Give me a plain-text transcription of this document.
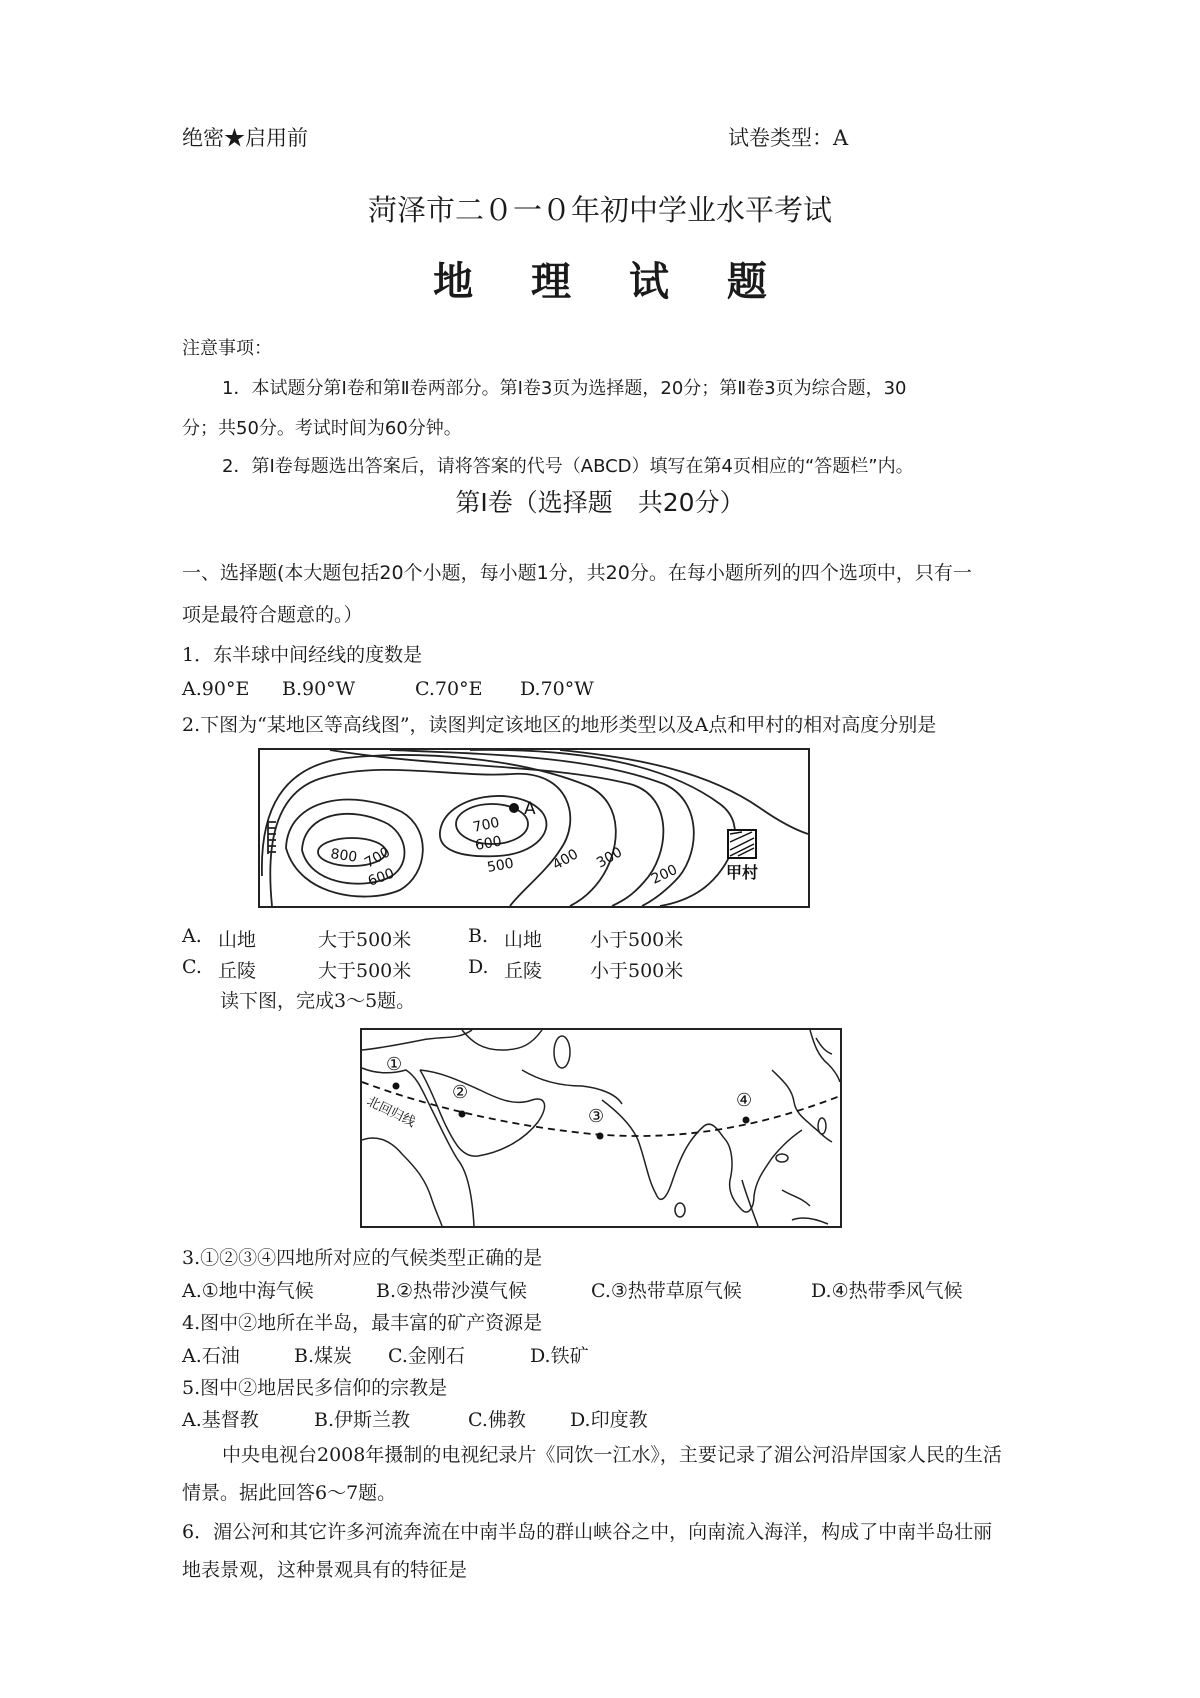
绝密★启用前	试卷类型：A
菏泽市二０一０年初中学业水平考试
地 理 试 题
注意事项：
1．本试题分第Ⅰ卷和第Ⅱ卷两部分。第Ⅰ卷3页为选择题，20分；第Ⅱ卷3页为综合题，30
分；共50分。考试时间为60分钟。
2．第Ⅰ卷每题选出答案后，请将答案的代号（ABCD）填写在第4页相应的“答题栏”内。
第Ⅰ卷（选择题　共20分）
一、选择题(本大题包括20个小题，每小题1分，共20分。在每小题所列的四个选项中，只有一
项是最符合题意的。）
1．东半球中间经线的度数是
A.90°E B.90°W	C.70°E D.70°W
2.下图为“某地区等高线图”，读图判定该地区的地形类型以及A点和甲村的相对高度分别是
A
800 700
600
700
600
500 400 300
200	甲村
A. 山地	大于500米	B. 山地	小于500米
C. 丘陵	大于500米	D. 丘陵	小于500米
读下图，完成3～5题。
北回归线
①
②
③
④
3.①②③④四地所对应的气候类型正确的是
A.①地中海气候	B.②热带沙漠气候	C.③热带草原气候	D.④热带季风气候
4.图中②地所在半岛，最丰富的矿产资源是
A.石油	B.煤炭 C.金刚石	D.铁矿
5.图中②地居民多信仰的宗教是
A.基督教	B.伊斯兰教	C.佛教 D.印度教
中央电视台2008年摄制的电视纪录片《同饮一江水》，主要记录了湄公河沿岸国家人民的生活
情景。据此回答6～7题。
6．湄公河和其它许多河流奔流在中南半岛的群山峡谷之中，向南流入海洋，构成了中南半岛壮丽
地表景观，这种景观具有的特征是
